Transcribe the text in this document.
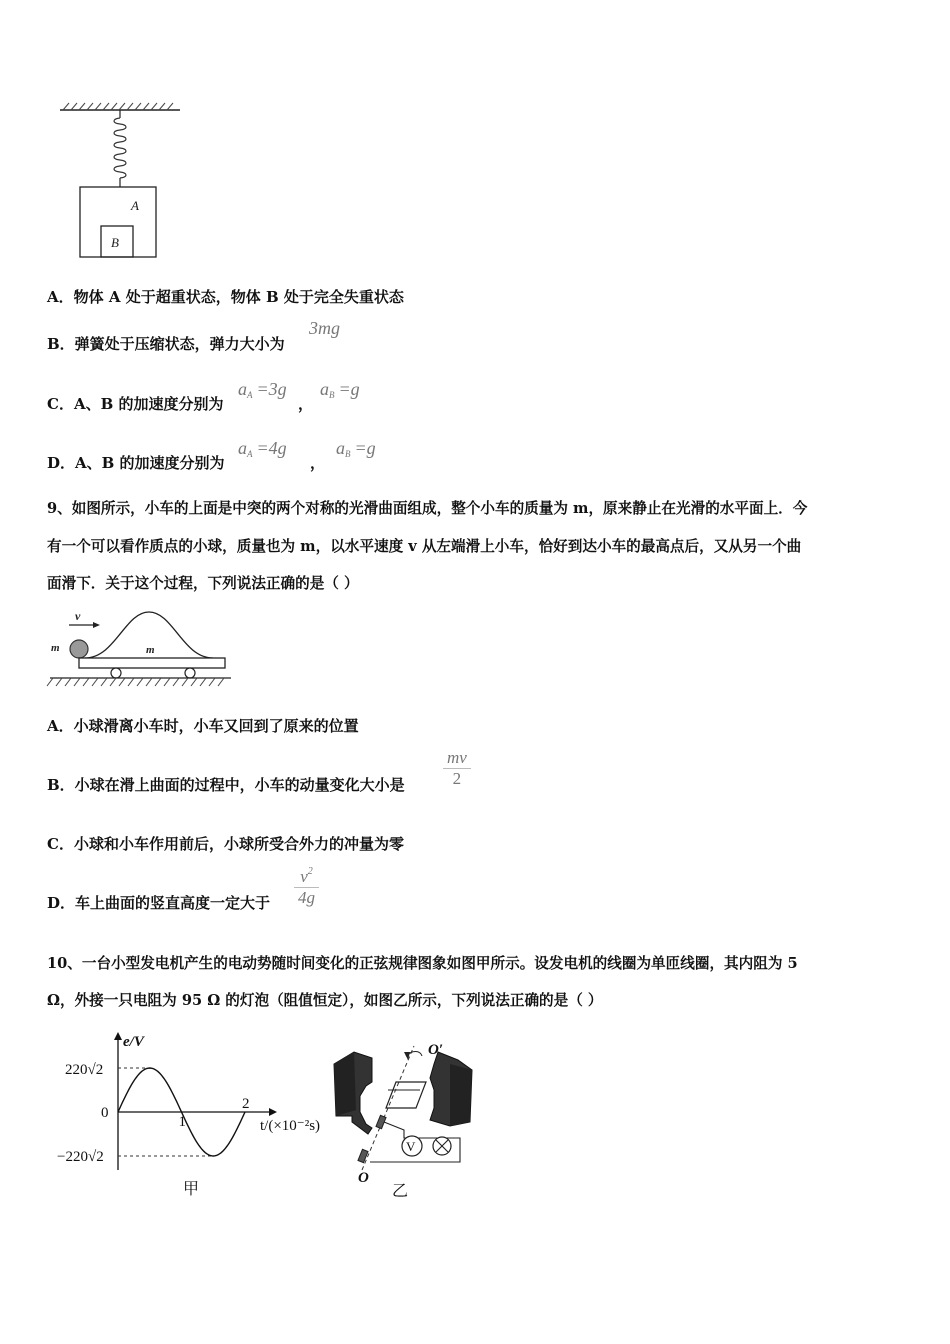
A
B
A．物体 A 处于超重状态，物体 B 处于完全失重状态
B．弹簧处于压缩状态，弹力大小为
3mg
C．A、B 的加速度分别为
$a_A =3g$
，
$a_B =g$
D．A、B 的加速度分别为
$a_A =4g$
，
$a_B =g$
9、如图所示，小车的上面是中突的两个对称的光滑曲面组成，整个小车的质量为 m，原来静止在光滑的水平面上．今
有一个可以看作质点的小球，质量也为 m，以水平速度 v 从左端滑上小车，恰好到达小车的最高点后，又从另一个曲
面滑下．关于这个过程，下列说法正确的是（ ）
v
m	m
A．小球滑离小车时，小车又回到了原来的位置
B．小球在滑上曲面的过程中，小车的动量变化大小是 $\frac{mv}{2}$
C．小球和小车作用前后，小球所受合外力的冲量为零
D．车上曲面的竖直高度一定大于 $\frac{v^2}{4g}$
10、一台小型发电机产生的电动势随时间变化的正弦规律图象如图甲所示。设发电机的线圈为单匝线圈，其内阻为 5
Ω，外接一只电阻为 95 Ω 的灯泡（阻值恒定），如图乙所示，下列说法正确的是（ ）
e/V
220√2
0
−220√2
1
2
t/(×10⁻²s)
甲
V
O′
O
乙
